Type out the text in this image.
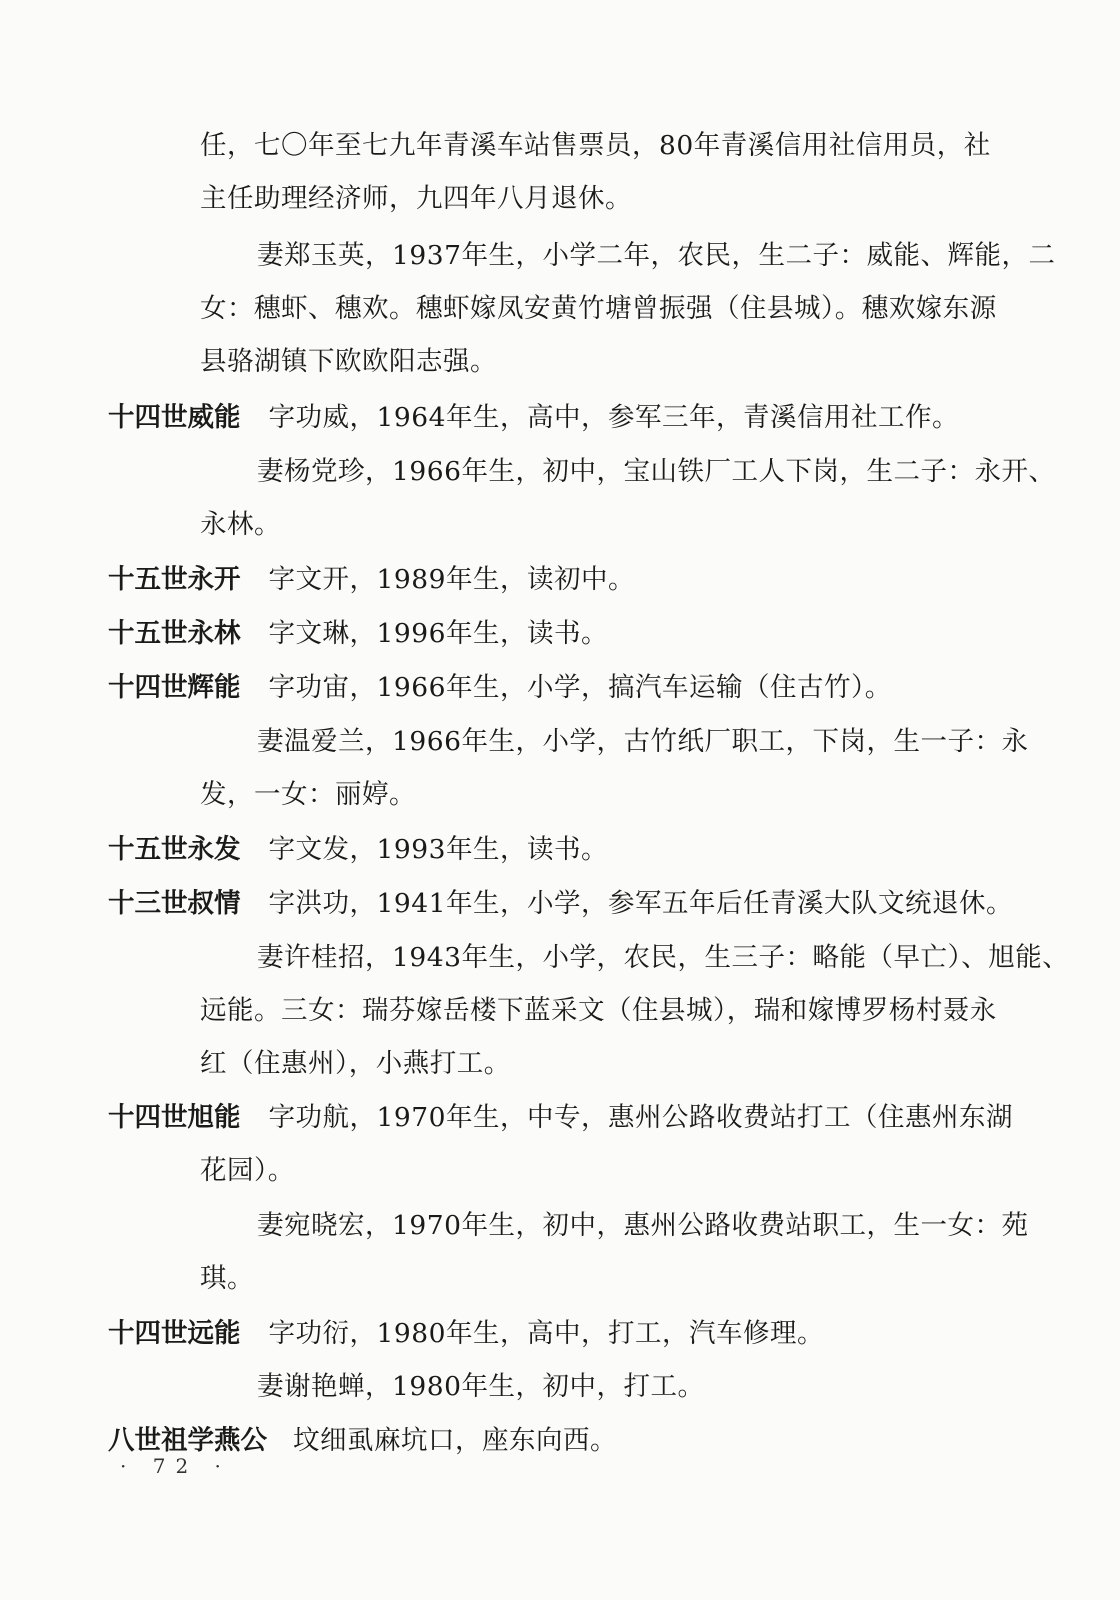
任，七〇年至七九年青溪车站售票员，80年青溪信用社信用员，社
主任助理经济师，九四年八月退休。
妻郑玉英，1937年生，小学二年，农民，生二子：威能、辉能，二
女：穗虾、穗欢。穗虾嫁凤安黄竹塘曾振强（住县城）。穗欢嫁东源
县骆湖镇下欧欧阳志强。
十四世威能 字功威，1964年生，高中，参军三年，青溪信用社工作。
妻杨党珍，1966年生，初中，宝山铁厂工人下岗，生二子：永开、
永林。
十五世永开 字文开，1989年生，读初中。
十五世永林 字文琳，1996年生，读书。
十四世辉能 字功宙，1966年生，小学，搞汽车运输（住古竹）。
妻温爱兰，1966年生，小学，古竹纸厂职工，下岗，生一子：永
发，一女：丽婷。
十五世永发 字文发，1993年生，读书。
十三世叔情 字洪功，1941年生，小学，参军五年后任青溪大队文统退休。
妻许桂招，1943年生，小学，农民，生三子：略能（早亡）、旭能、
远能。三女：瑞芬嫁岳楼下蓝采文（住县城），瑞和嫁博罗杨村聂永
红（住惠州），小燕打工。
十四世旭能 字功航，1970年生，中专，惠州公路收费站打工（住惠州东湖
花园）。
妻宛晓宏，1970年生，初中，惠州公路收费站职工，生一女：苑
琪。
十四世远能 字功衍，1980年生，高中，打工，汽车修理。
妻谢艳蝉，1980年生，初中，打工。
八世祖学燕公 坟细虱麻坑口，座东向西。
· 72 ·
